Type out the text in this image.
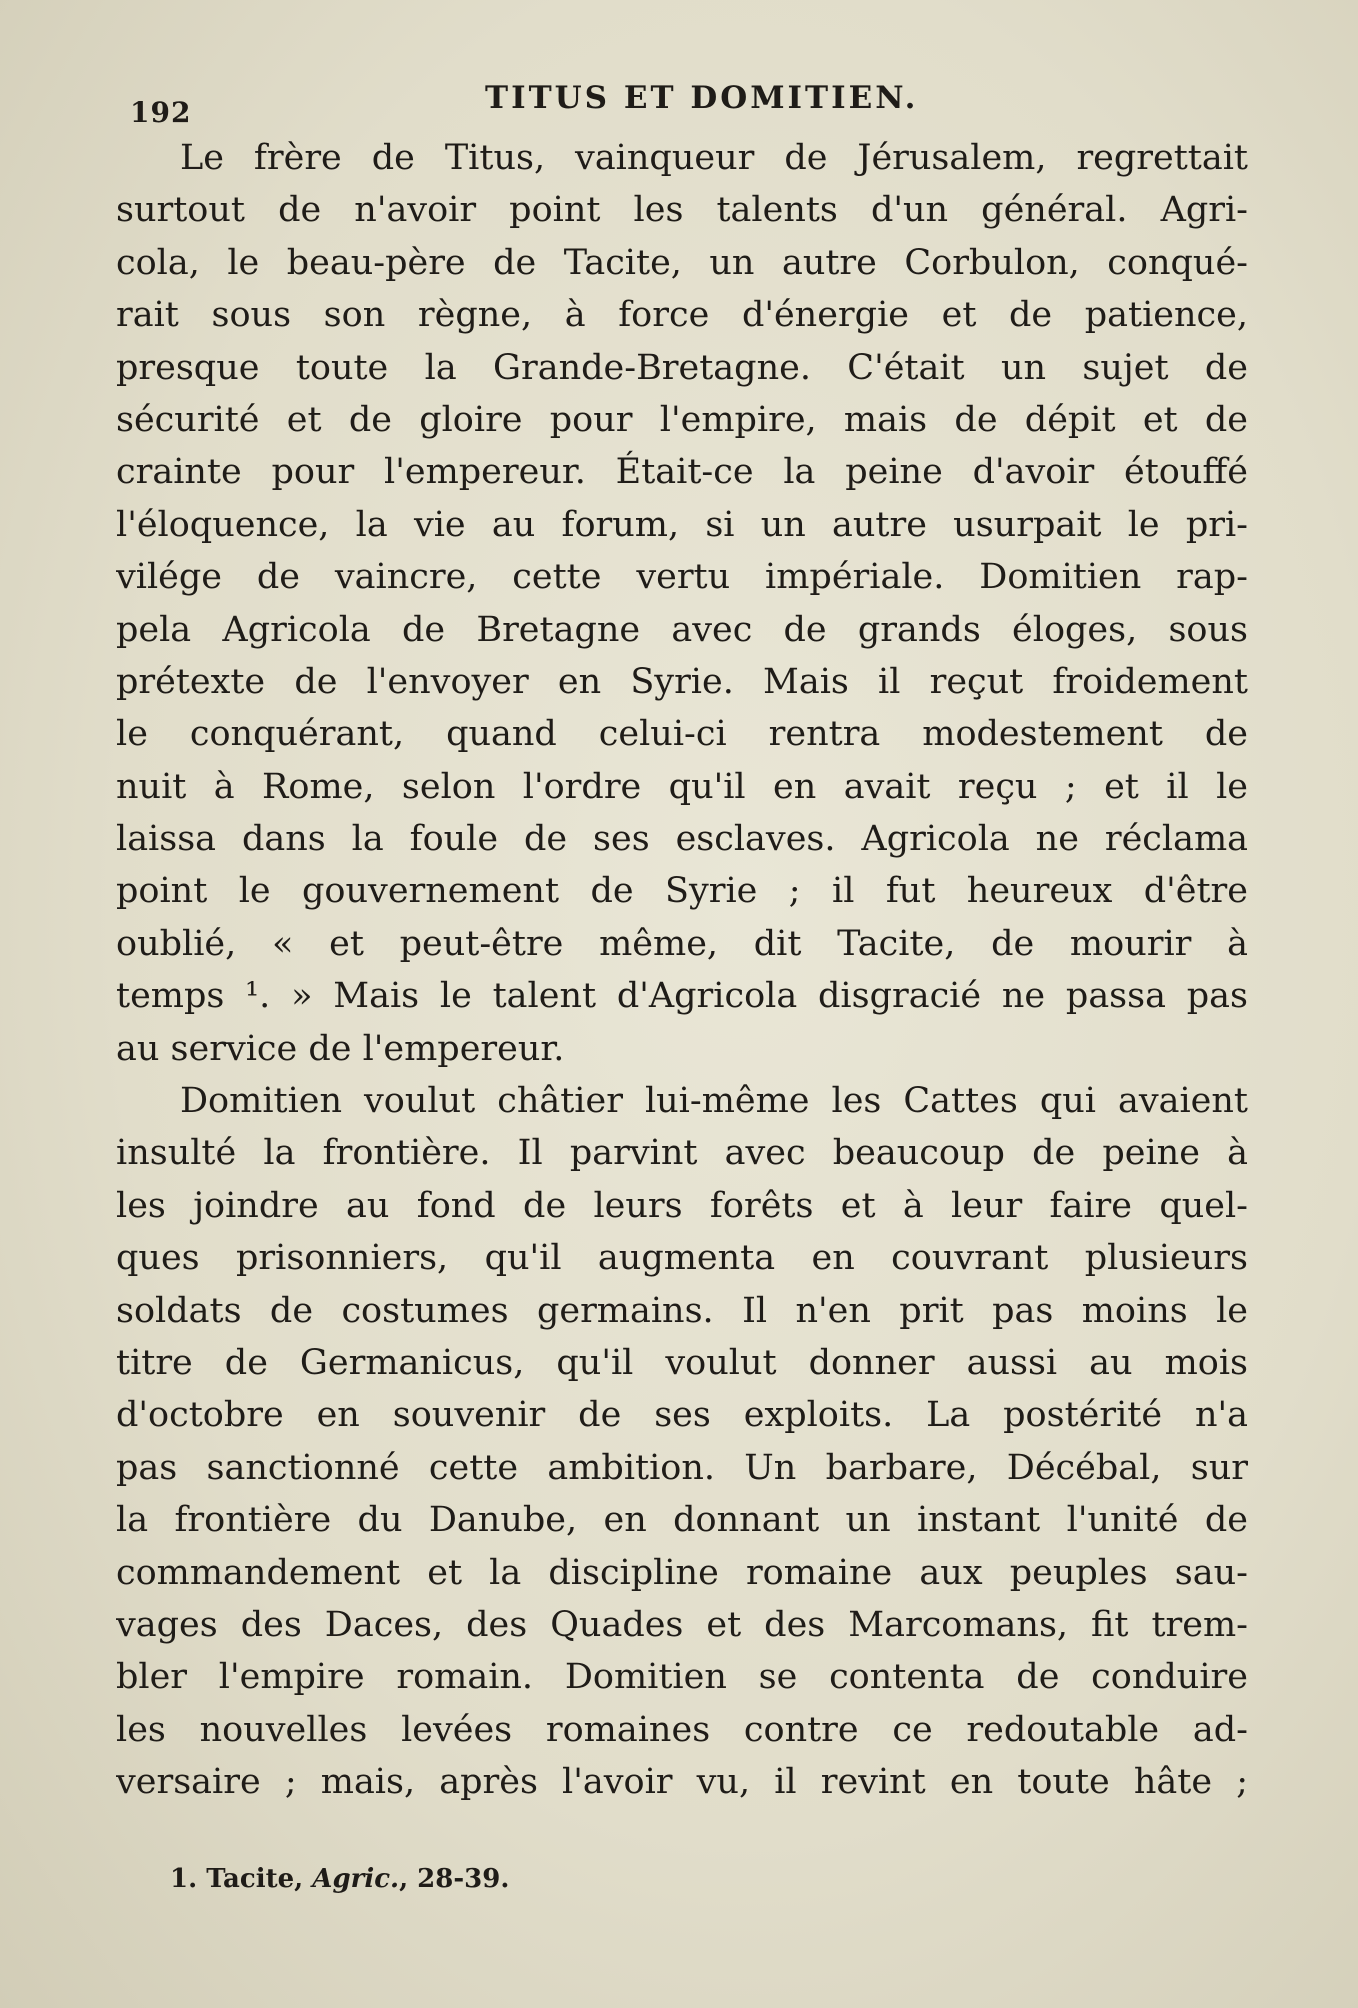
192	TITUS ET DOMITIEN.
Le frère de Titus, vainqueur de Jérusalem, regrettait
surtout de n'avoir point les talents d'un général. Agri-
cola, le beau-père de Tacite, un autre Corbulon, conqué-
rait sous son règne, à force d'énergie et de patience,
presque toute la Grande-Bretagne. C'était un sujet de
sécurité et de gloire pour l'empire, mais de dépit et de
crainte pour l'empereur. Était-ce la peine d'avoir étouffé
l'éloquence, la vie au forum, si un autre usurpait le pri-
vilége de vaincre, cette vertu impériale. Domitien rap-
pela Agricola de Bretagne avec de grands éloges, sous
prétexte de l'envoyer en Syrie. Mais il reçut froidement
le conquérant, quand celui-ci rentra modestement de
nuit à Rome, selon l'ordre qu'il en avait reçu ; et il le
laissa dans la foule de ses esclaves. Agricola ne réclama
point le gouvernement de Syrie ; il fut heureux d'être
oublié, « et peut-être même, dit Tacite, de mourir à
temps ¹. » Mais le talent d'Agricola disgracié ne passa pas
au service de l'empereur.
Domitien voulut châtier lui-même les Cattes qui avaient
insulté la frontière. Il parvint avec beaucoup de peine à
les joindre au fond de leurs forêts et à leur faire quel-
ques prisonniers, qu'il augmenta en couvrant plusieurs
soldats de costumes germains. Il n'en prit pas moins le
titre de Germanicus, qu'il voulut donner aussi au mois
d'octobre en souvenir de ses exploits. La postérité n'a
pas sanctionné cette ambition. Un barbare, Décébal, sur
la frontière du Danube, en donnant un instant l'unité de
commandement et la discipline romaine aux peuples sau-
vages des Daces, des Quades et des Marcomans, fit trem-
bler l'empire romain. Domitien se contenta de conduire
les nouvelles levées romaines contre ce redoutable ad-
versaire ; mais, après l'avoir vu, il revint en toute hâte ;
1. Tacite, Agric., 28-39.
